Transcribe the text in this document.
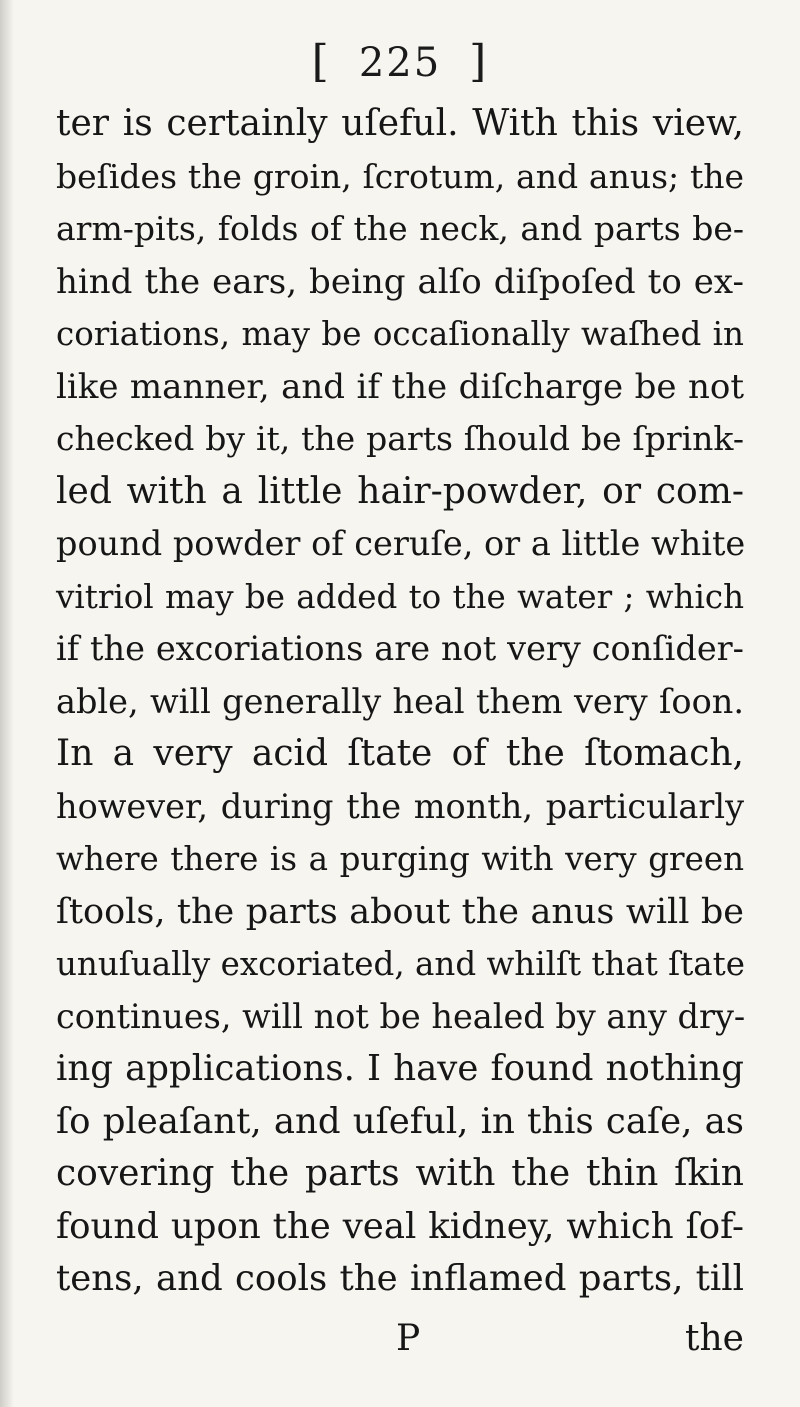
[ 225 ]
ter is certainly uſeful. With this view,
beſides the groin, ſcrotum, and anus; the
arm-pits, folds of the neck, and parts be-
hind the ears, being alſo diſpoſed to ex-
coriations, may be occaſionally waſhed in
like manner, and if the diſcharge be not
checked by it, the parts ſhould be ſprink-
led with a little hair-powder, or com-
pound powder of ceruſe, or a little white
vitriol may be added to the water ; which
if the excoriations are not very conſider-
able, will generally heal them very ſoon.
In a very acid ſtate of the ſtomach,
however, during the month, particularly
where there is a purging with very green
ſtools, the parts about the anus will be
unuſually excoriated, and whilſt that ſtate
continues, will not be healed by any dry-
ing applications. I have found nothing
ſo pleaſant, and uſeful, in this caſe, as
covering the parts with the thin ſkin
found upon the veal kidney, which ſof-
tens, and cools the inflamed parts, till
P	the
